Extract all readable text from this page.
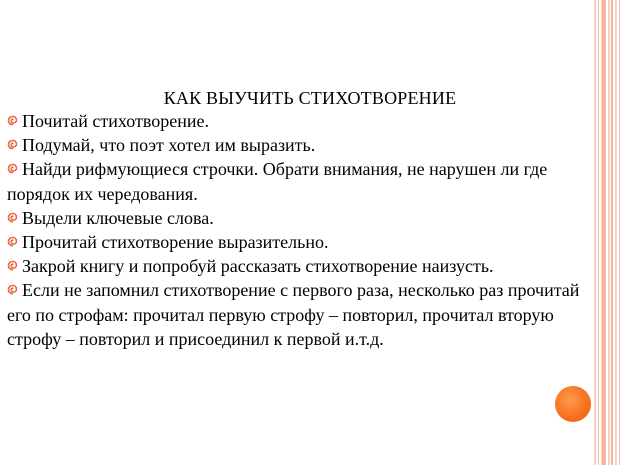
КАК ВЫУЧИТЬ СТИХОТВОРЕНИЕ

Почитай стихотворение.

Подумай, что поэт хотел им выразить.

Найди рифмующиеся строчки. Обрати внимания, не нарушен ли где порядок их чередования.

Выдели ключевые слова.

Прочитай стихотворение выразительно.

Закрой книгу и попробуй рассказать стихотворение наизусть.

Если не запомнил стихотворение с первого раза, несколько раз прочитай его по строфам: прочитал первую строфу – повторил, прочитал вторую строфу – повторил и присоединил к первой и.т.д.
